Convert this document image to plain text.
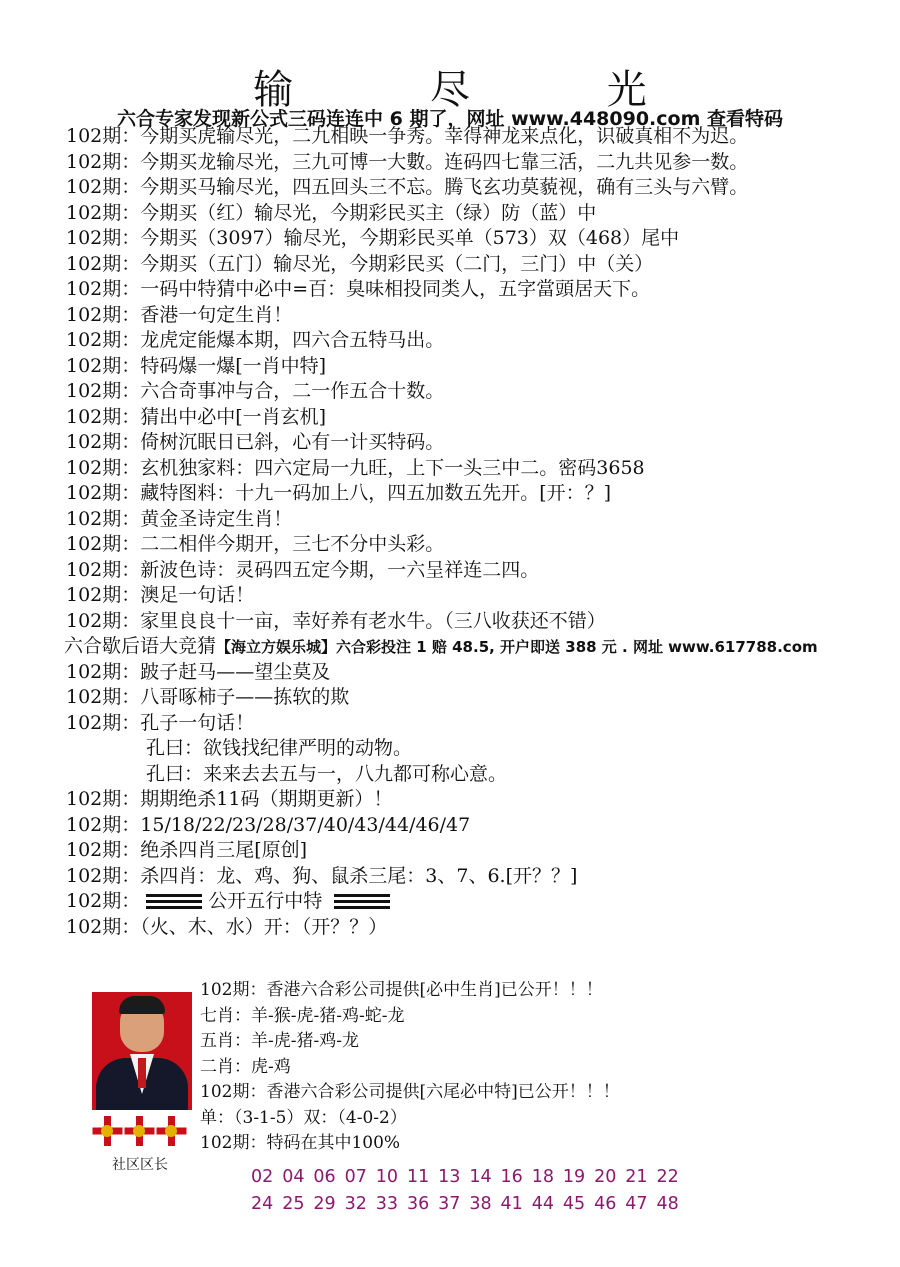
输 尽 光
六合专家发现新公式三码连连中 6 期了，网址 www.448090.com 查看特码
102期：今期买虎输尽光，二九相映一争秀。幸得神龙来点化，识破真相不为迟。
102期：今期买龙输尽光，三九可博一大數。连码四七靠三活，二九共见参一数。
102期：今期买马输尽光，四五回头三不忘。腾飞玄功莫藐视，确有三头与六臂。
102期：今期买（红）输尽光，今期彩民买主（绿）防（蓝）中
102期：今期买（3097）输尽光，今期彩民买单（573）双（468）尾中
102期：今期买（五门）输尽光，今期彩民买（二门，三门）中（关）
102期：一码中特猜中必中=百：臭味相投同类人，五字當頭居天下。
102期：香港一句定生肖！
102期：龙虎定能爆本期，四六合五特马出。
102期：特码爆一爆[一肖中特]
102期：六合奇事冲与合，二一作五合十数。
102期：猜出中必中[一肖玄机]
102期：倚树沉眠日已斜，心有一计买特码。
102期：玄机独家料：四六定局一九旺，上下一头三中二。密码3658
102期：藏特图料：十九一码加上八，四五加数五先开。[开：？]
102期：黄金圣诗定生肖！
102期：二二相伴今期开，三七不分中头彩。
102期：新波色诗：灵码四五定今期，一六呈祥连二四。
102期：澳足一句话！
102期：家里良良十一亩，幸好养有老水牛。（三八收获还不错）
六合歇后语大竞猜【海立方娱乐城】六合彩投注 1 赔 48.5, 开户即送 388 元 . 网址 www.617788.com
102期：跛子赶马——望尘莫及
102期：八哥啄柿子——拣软的欺
102期：孔子一句话！
孔曰：欲钱找纪律严明的动物。
孔曰：来来去去五与一，八九都可称心意。
102期：期期绝杀11码（期期更新）！
102期：15/18/22/23/28/37/40/43/44/46/47
102期：绝杀四肖三尾[原创]
102期：杀四肖：龙、鸡、狗、鼠杀三尾：3、7、6.[开？？]
102期：	公开五行中特
102期：（火、木、水）开：（开？？）
社区区长
102期：香港六合彩公司提供[必中生肖]已公开！！！
七肖：羊-猴-虎-猪-鸡-蛇-龙
五肖：羊-虎-猪-鸡-龙
二肖：虎-鸡
102期：香港六合彩公司提供[六尾必中特]已公开！！！
单：（3-1-5）双：（4-0-2）
102期：特码在其中100%
02 04 06 07 10 11 13 14 16 18 19 20 21 22
24 25 29 32 33 36 37 38 41 44 45 46 47 48
